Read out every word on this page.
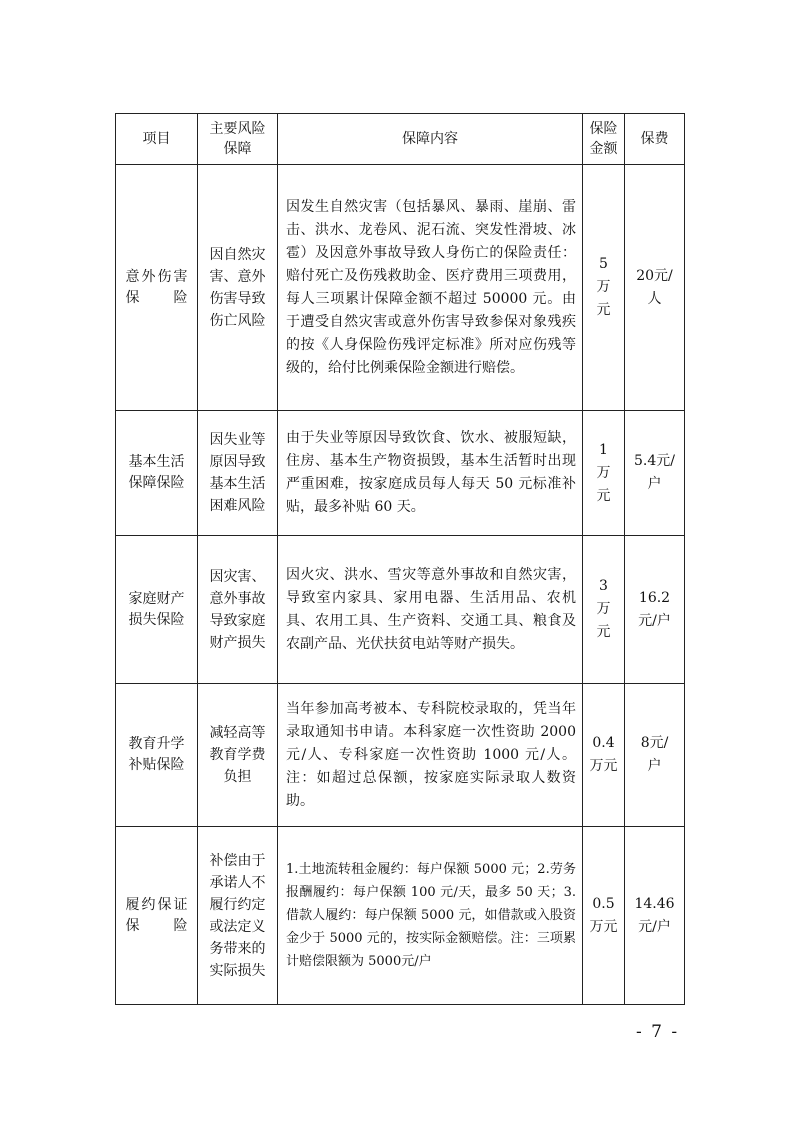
项目	主要风险保障	保障内容	保险金额	保费
意外伤害保险	因自然灾害、意外伤害导致伤亡风险	因发生自然灾害（包括暴风、暴雨、崖崩、雷击、洪水、龙卷风、泥石流、突发性滑坡、冰雹）及因意外事故导致人身伤亡的保险责任：赔付死亡及伤残救助金、医疗费用三项费用，每人三项累计保障金额不超过 50000 元。由于遭受自然灾害或意外伤害导致参保对象残疾的按《人身保险伤残评定标准》所对应伤残等级的，给付比例乘保险金额进行赔偿。	5万元	20元/人

基本生活保障保险	因失业等原因导致基本生活困难风险	由于失业等原因导致饮食、饮水、被服短缺，住房、基本生产物资损毁，基本生活暂时出现严重困难，按家庭成员每人每天 50 元标准补贴，最多补贴 60 天。	1万元	5.4元/户

家庭财产损失保险	因灾害、意外事故导致家庭财产损失	因火灾、洪水、雪灾等意外事故和自然灾害，导致室内家具、家用电器、生活用品、农机具、农用工具、生产资料、交通工具、粮食及农副产品、光伏扶贫电站等财产损失。	3万元	16.2元/户

教育升学补贴保险	减轻高等教育学费负担	当年参加高考被本、专科院校录取的，凭当年录取通知书申请。本科家庭一次性资助 2000 元/人、专科家庭一次性资助 1000 元/人。注：如超过总保额，按家庭实际录取人数资助。	0.4万元	8元/户

履约保证保险	补偿由于承诺人不履行约定或法定义务带来的实际损失	1.土地流转租金履约：每户保额 5000 元；2.劳务报酬履约：每户保额 100 元/天，最多 50 天；3.借款人履约：每户保额 5000 元，如借款或入股资金少于 5000 元的，按实际金额赔偿。注：三项累计赔偿限额为 5000元/户	0.5万元	14.46元/户
- 7 -
